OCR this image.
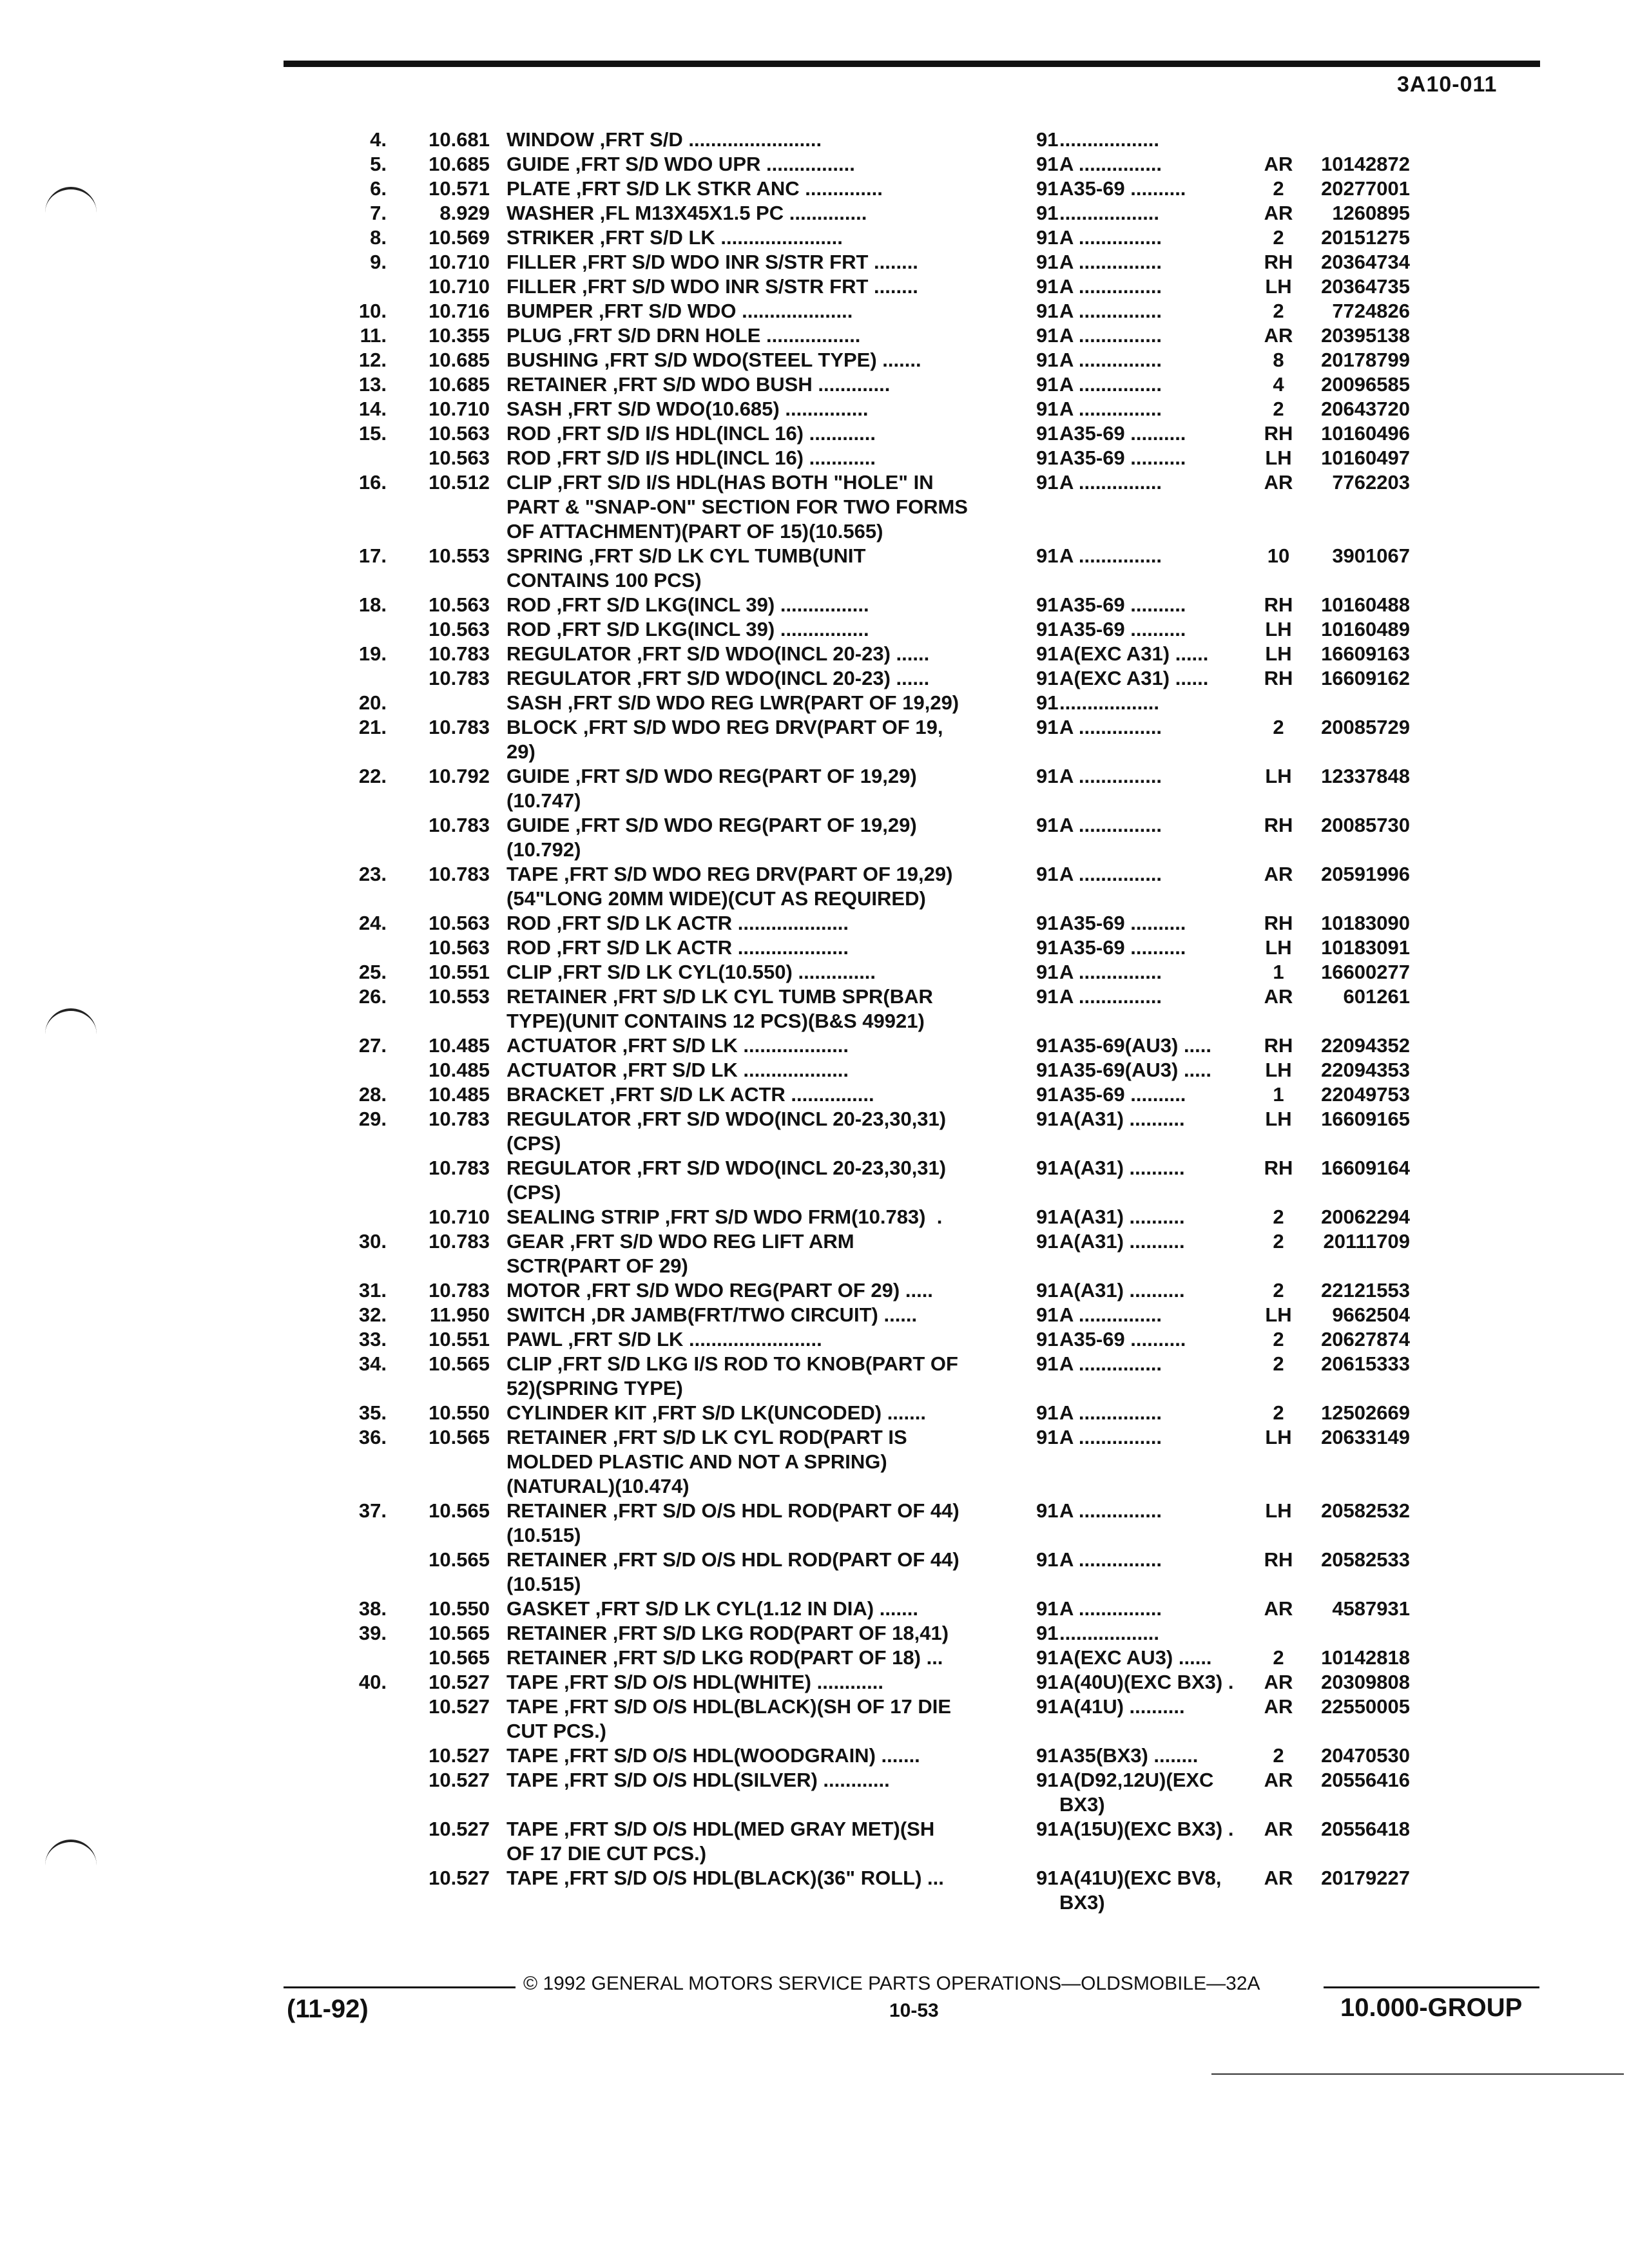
3A10-011
4.	10.681 WINDOW ,FRT S/D ........................	91 ..................
5.	10.685 GUIDE ,FRT S/D WDO UPR ................	91 A ...............	AR	10142872
6.	10.571 PLATE ,FRT S/D LK STKR ANC ..............	91 A35-69 ..........	2	20277001
7.	8.929 WASHER ,FL M13X45X1.5 PC ..............	91 ..................	AR	1260895
8.	10.569 STRIKER ,FRT S/D LK ......................	91 A ...............	2	20151275
9.	10.710 FILLER ,FRT S/D WDO INR S/STR FRT ........	91 A ...............	RH	20364734
10.710 FILLER ,FRT S/D WDO INR S/STR FRT ........	91 A ...............	LH	20364735
10.	10.716 BUMPER ,FRT S/D WDO ....................	91 A ...............	2	7724826
11.	10.355 PLUG ,FRT S/D DRN HOLE .................	91 A ...............	AR	20395138
12.	10.685 BUSHING ,FRT S/D WDO(STEEL TYPE) .......	91 A ...............	8	20178799
13.	10.685 RETAINER ,FRT S/D WDO BUSH .............	91 A ...............	4	20096585
14.	10.710 SASH ,FRT S/D WDO(10.685) ...............	91 A ...............	2	20643720
15.	10.563 ROD ,FRT S/D I/S HDL(INCL 16) ............	91 A35-69 ..........	RH	10160496
10.563 ROD ,FRT S/D I/S HDL(INCL 16) ............	91 A35-69 ..........	LH	10160497
16.	10.512 CLIP ,FRT S/D I/S HDL(HAS BOTH "HOLE" IN
PART & "SNAP-ON" SECTION FOR TWO FORMS
OF ATTACHMENT)(PART OF 15)(10.565)
91 A ...............	AR	7762203
17.	10.553 SPRING ,FRT S/D LK CYL TUMB(UNIT
CONTAINS 100 PCS)
91 A ...............	10	3901067
18.	10.563 ROD ,FRT S/D LKG(INCL 39) ................	91 A35-69 ..........	RH	10160488
10.563 ROD ,FRT S/D LKG(INCL 39) ................	91 A35-69 ..........	LH	10160489
19.	10.783 REGULATOR ,FRT S/D WDO(INCL 20-23) ......	91 A(EXC A31) ......	LH	16609163
10.783 REGULATOR ,FRT S/D WDO(INCL 20-23) ......	91 A(EXC A31) ......	RH	16609162
20.	SASH ,FRT S/D WDO REG LWR(PART OF 19,29)	91 ..................
21.	10.783 BLOCK ,FRT S/D WDO REG DRV(PART OF 19,
29)
91 A ...............	2	20085729
22.	10.792 GUIDE ,FRT S/D WDO REG(PART OF 19,29)
(10.747)
91 A ...............	LH	12337848
10.783 GUIDE ,FRT S/D WDO REG(PART OF 19,29)
(10.792)
91 A ...............	RH	20085730
23.	10.783 TAPE ,FRT S/D WDO REG DRV(PART OF 19,29)
(54"LONG 20MM WIDE)(CUT AS REQUIRED)
91 A ...............	AR	20591996
24.	10.563 ROD ,FRT S/D LK ACTR ....................	91 A35-69 ..........	RH	10183090
10.563 ROD ,FRT S/D LK ACTR ....................	91 A35-69 ..........	LH	10183091
25.	10.551 CLIP ,FRT S/D LK CYL(10.550) ..............	91 A ...............	1	16600277
26.	10.553 RETAINER ,FRT S/D LK CYL TUMB SPR(BAR
TYPE)(UNIT CONTAINS 12 PCS)(B&S 49921)
91 A ...............	AR	601261
27.	10.485 ACTUATOR ,FRT S/D LK ...................	91 A35-69(AU3) .....	RH	22094352
10.485 ACTUATOR ,FRT S/D LK ...................	91 A35-69(AU3) .....	LH	22094353
28.	10.485 BRACKET ,FRT S/D LK ACTR ...............	91 A35-69 ..........	1	22049753
29.	10.783 REGULATOR ,FRT S/D WDO(INCL 20-23,30,31)
(CPS)
91 A(A31) ..........	LH	16609165
10.783 REGULATOR ,FRT S/D WDO(INCL 20-23,30,31)
(CPS)
91 A(A31) ..........	RH	16609164
10.710 SEALING STRIP ,FRT S/D WDO FRM(10.783)  .	91 A(A31) ..........	2	20062294
30.	10.783 GEAR ,FRT S/D WDO REG LIFT ARM
SCTR(PART OF 29)
91 A(A31) ..........	2	20111709
31.	10.783 MOTOR ,FRT S/D WDO REG(PART OF 29) .....	91 A(A31) ..........	2	22121553
32.	11.950 SWITCH ,DR JAMB(FRT/TWO CIRCUIT) ......	91 A ...............	LH	9662504
33.	10.551 PAWL ,FRT S/D LK ........................	91 A35-69 ..........	2	20627874
34.	10.565 CLIP ,FRT S/D LKG I/S ROD TO KNOB(PART OF
52)(SPRING TYPE)
91 A ...............	2	20615333
35.	10.550 CYLINDER KIT ,FRT S/D LK(UNCODED) .......	91 A ...............	2	12502669
36.	10.565 RETAINER ,FRT S/D LK CYL ROD(PART IS
MOLDED PLASTIC AND NOT A SPRING)
(NATURAL)(10.474)
91 A ...............	LH	20633149
37.	10.565 RETAINER ,FRT S/D O/S HDL ROD(PART OF 44)
(10.515)
91 A ...............	LH	20582532
10.565 RETAINER ,FRT S/D O/S HDL ROD(PART OF 44)
(10.515)
91 A ...............	RH	20582533
38.	10.550 GASKET ,FRT S/D LK CYL(1.12 IN DIA) .......	91 A ...............	AR	4587931
39.	10.565 RETAINER ,FRT S/D LKG ROD(PART OF 18,41)	91 ..................
10.565 RETAINER ,FRT S/D LKG ROD(PART OF 18) ...	91 A(EXC AU3) ......	2	10142818
40.	10.527 TAPE ,FRT S/D O/S HDL(WHITE) ............	91 A(40U)(EXC BX3) .	AR	20309808
10.527 TAPE ,FRT S/D O/S HDL(BLACK)(SH OF 17 DIE
CUT PCS.)
91 A(41U) ..........	AR	22550005
10.527 TAPE ,FRT S/D O/S HDL(WOODGRAIN) .......	91 A35(BX3) ........	2	20470530
10.527 TAPE ,FRT S/D O/S HDL(SILVER) ............	91 A(D92,12U)(EXC
BX3)
AR	20556416
10.527 TAPE ,FRT S/D O/S HDL(MED GRAY MET)(SH
OF 17 DIE CUT PCS.)
91 A(15U)(EXC BX3) .	AR	20556418
10.527 TAPE ,FRT S/D O/S HDL(BLACK)(36" ROLL) ...	91 A(41U)(EXC BV8,
BX3)
AR	20179227
© 1992 GENERAL MOTORS SERVICE PARTS OPERATIONS—OLDSMOBILE—32A
(11-92)	10-53	10.000-GROUP
